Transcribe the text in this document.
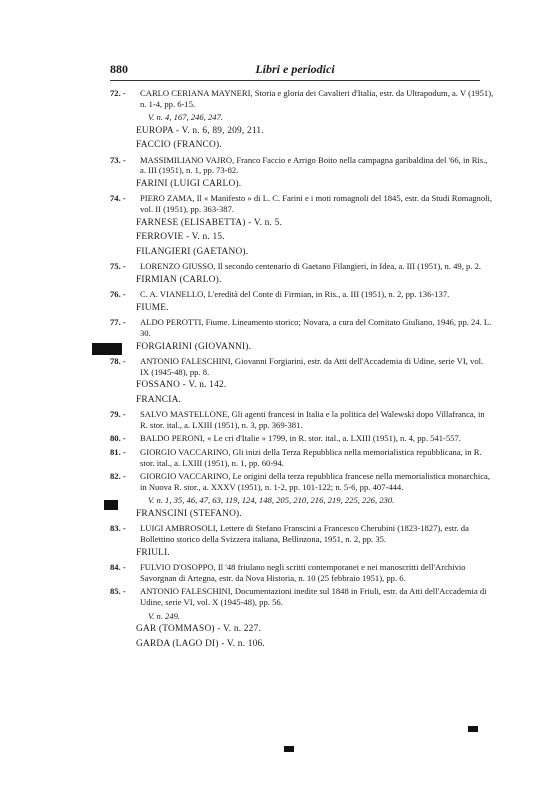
880	Libri e periodici
72. -	CARLO CERIANA MAYNERI, Storia e gloria dei Cavalieri d'Italia, estr. da Ultrapodum, a. V (1951), n. 1-4, pp. 6-15.
V. n. 4, 167, 246, 247.
EUROPA - V. n. 6, 89, 209, 211.
FACCIO (FRANCO).
73. -	MASSIMILIANO VAJRO, Franco Faccio e Arrigo Boito nella campagna garibaldina del '66, in Ris., a. III (1951), n. 1, pp. 73-82.
FARINI (LUIGI CARLO).
74. -	PIERO ZAMA, Il « Manifesto » di L. C. Farini e i moti romagnoli del 1845, estr. da Studi Romagnoli, vol. II (1951), pp. 363-387.
FARNESE (ELISABETTA) - V. n. 5.
FERROVIE - V. n. 15.
FILANGIERI (GAETANO).
75. -	LORENZO GIUSSO, Il secondo centenario di Gaetano Filangieri, in Idea, a. III (1951), n. 49, p. 2.
FIRMIAN (CARLO).
76. -	C. A. VIANELLO, L'eredità del Conte di Firmian, in Ris., a. III (1951), n. 2, pp. 136-137.
FIUME.
77. -	ALDO PEROTTI, Fiume. Lineamento storico; Novara, a cura del Comitato Giuliano, 1946, pp. 24. L. 30.
FORGIARINI (GIOVANNI).
78. -	ANTONIO FALESCHINI, Giovanni Forgiarini, estr. da Atti dell'Accademia di Udine, serie VI, vol. IX (1945-48), pp. 8.
FOSSANO - V. n. 142.
FRANCIA.
79. -	SALVO MASTELLONE, Gli agenti francesi in Italia e la politica del Walewski dopo Villafranca, in R. stor. ital., a. LXIII (1951), n. 3, pp. 369-381.
80. -	BALDO PERONI, « Le cri d'Italie » 1799, in R. stor. ital., a. LXIII (1951), n. 4, pp. 541-557.
81. -	GIORGIO VACCARINO, Gli inizi della Terza Repubblica nella memorialistica repubblicana, in R. stor. ital., a. LXIII (1951), n. 1, pp. 60-94.
82. -	GIORGIO VACCARINO, Le origini della terza repubblica francese nella memorialistica monarchica, in Nuova R. stor., a. XXXV (1951), n. 1-2, pp. 101-122; n. 5-6, pp. 407-444.
V. n. 1, 35, 46, 47, 63, 119, 124, 148, 205, 210, 216, 219, 225, 226, 230.
FRANSCINI (STEFANO).
83. -	LUIGI AMBROSOLI, Lettere di Stefano Franscini a Francesco Cherubini (1823-1827), estr. da Bollettino storico della Svizzera italiana, Bellinzona, 1951, n. 2, pp. 35.
FRIULI.
84. -	FULVIO D'OSOPPO, Il '48 friulano negli scritti contemporanei e nei manoscritti dell'Archivio Savorgnan di Artegna, estr. da Nova Historia, n. 10 (25 febbraio 1951), pp. 6.
85. -	ANTONIO FALESCHINI, Documentazioni inedite sul 1848 in Friuli, estr. da Atti dell'Accademia di Udine, serie VI, vol. X (1945-48), pp. 56.
V. n. 249.
GAR (TOMMASO) - V. n. 227.
GARDA (LAGO DI) - V. n. 106.
